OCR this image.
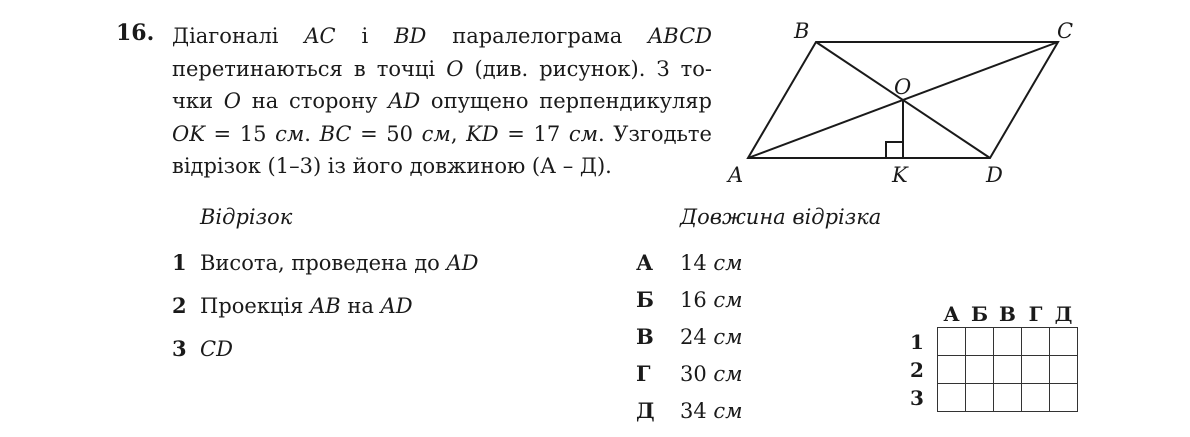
16. Діагоналі AC і BD паралелограма ABCD
перетинаються в точці O (див. рисунок). З то-
чки O на сторону AD опущено перпендикуляр
OK = 15 см. BC = 50 см, KD = 17 см. Узгодьте
відрізок (1–3) із його довжиною (А – Д).
B	C
O
A	K	D
Відрізок
1 Висота, проведена до AD
2 Проекція AB на AD
3 CD
Довжина відрізка
А 14 см
Б 16 см
В 24 см
Г 30 см
Д 34 см
	А	Б	В	Г	Д
1					
2					
3					
